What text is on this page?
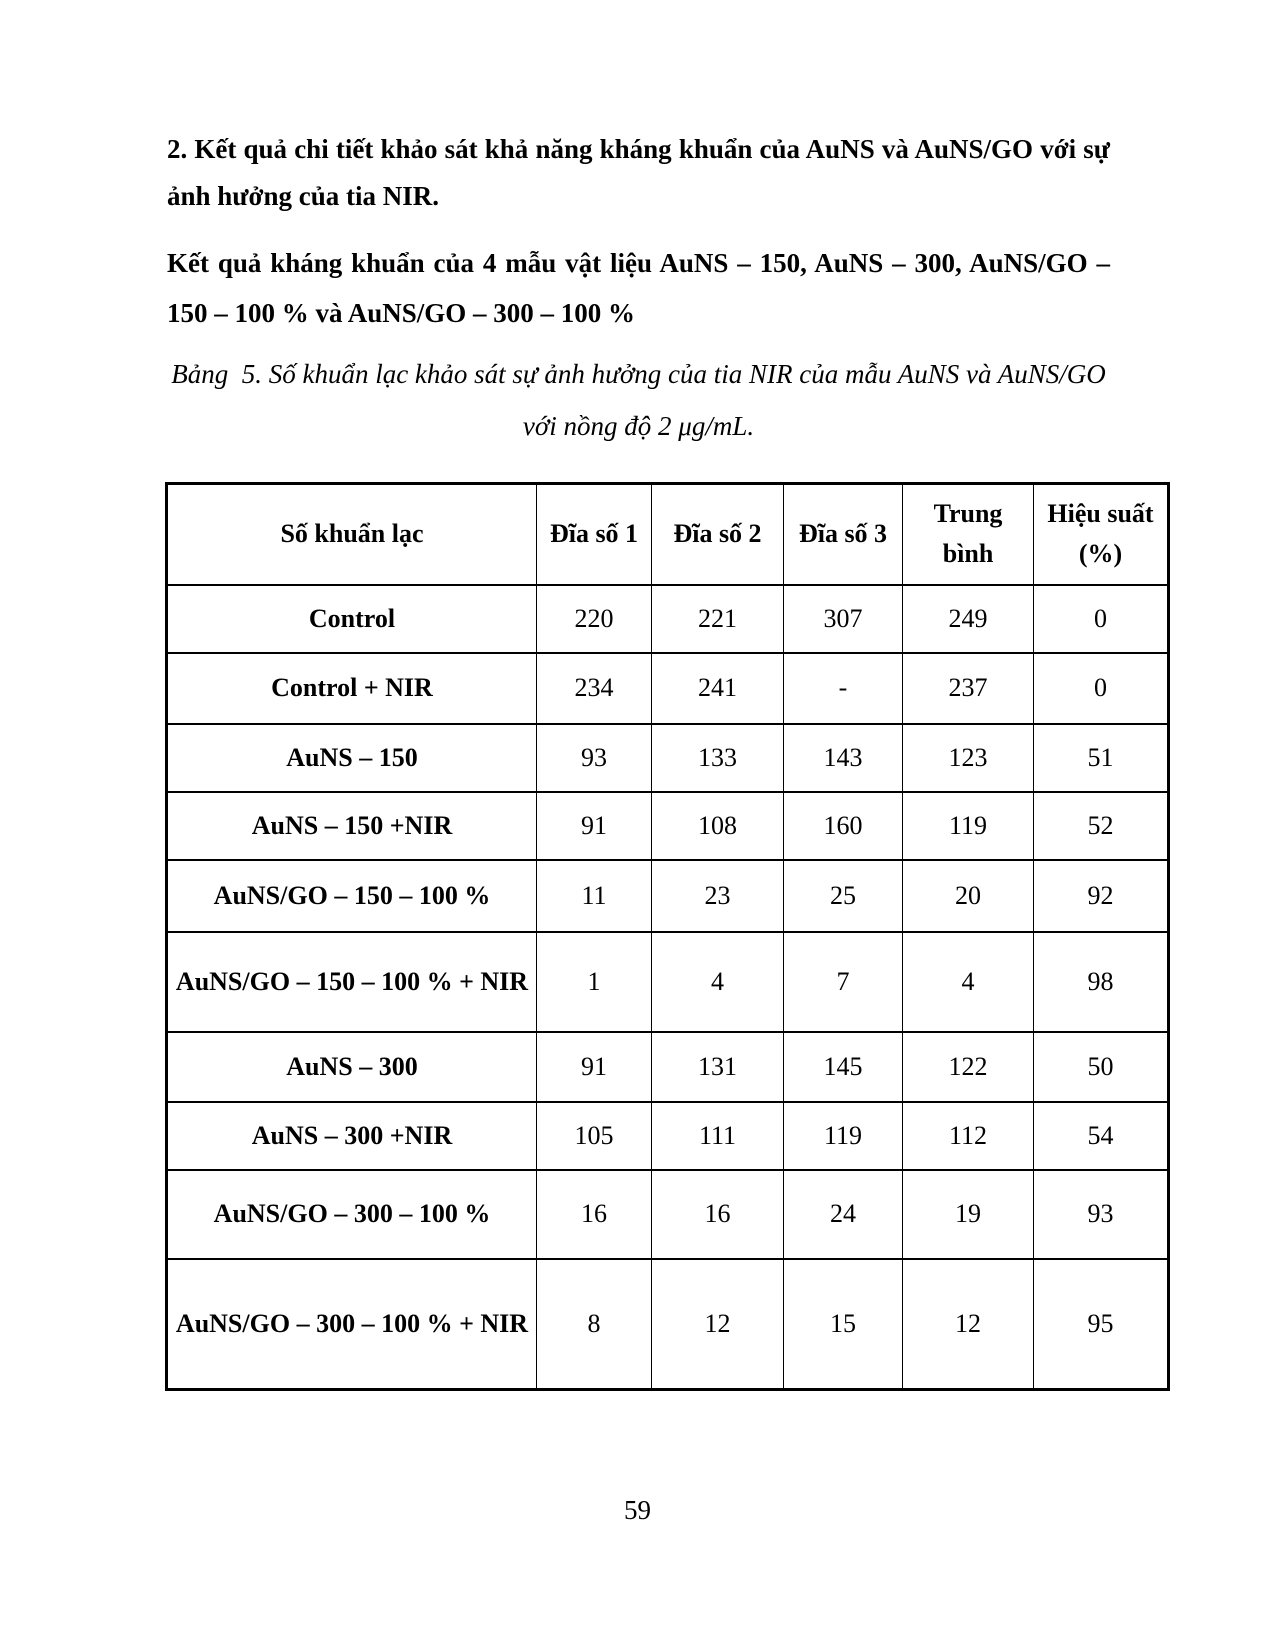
2. Kết quả chi tiết khảo sát khả năng kháng khuẩn của AuNS và AuNS/GO với sự ảnh hưởng của tia NIR.

Kết quả kháng khuẩn của 4 mẫu vật liệu AuNS – 150, AuNS – 300, AuNS/GO – 150 – 100 % và AuNS/GO – 300 – 100 %

Bảng  5. Số khuẩn lạc khảo sát sự ảnh hưởng của tia NIR của mẫu AuNS và AuNS/GO với nồng độ 2 μg/mL.

Số khuẩn lạc	Đĩa số 1	Đĩa số 2	Đĩa số 3	Trung bình	Hiệu suất (%)
Control	220	221	307	249	0
Control + NIR	234	241	-	237	0
AuNS – 150	93	133	143	123	51
AuNS – 150 +NIR	91	108	160	119	52
AuNS/GO – 150 – 100 %	11	23	25	20	92
AuNS/GO – 150 – 100 % + NIR	1	4	7	4	98
AuNS – 300	91	131	145	122	50
AuNS – 300 +NIR	105	111	119	112	54
AuNS/GO – 300 – 100 %	16	16	24	19	93
AuNS/GO – 300 – 100 % + NIR	8	12	15	12	95
59
